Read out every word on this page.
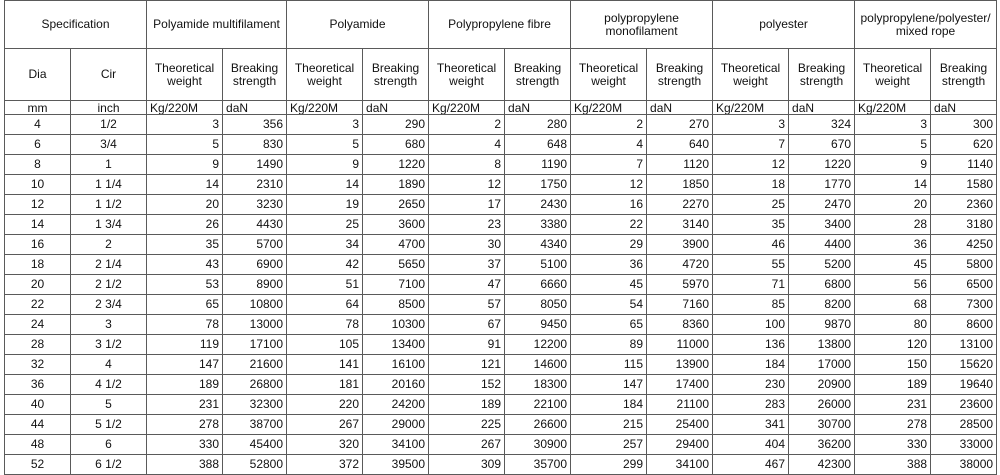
Specification		Polyamide multifilament		Polyamide		Polypropylene fibre		polypropylene monofilament		polyester		polypropylene/polyester/ mixed rope	
Dia	Cir	Theoretical weight	Breaking strength	Theoretical weight	Breaking strength	Theoretical weight	Breaking strength	Theoretical weight	Breaking strength	Theoretical weight	Breaking strength	Theoretical weight	Breaking strength
mm	inch	Kg/220M	daN	Kg/220M	daN	Kg/220M	daN	Kg/220M	daN	Kg/220M	daN	Kg/220M	daN
4	1/2	3	356	3	290	2	280	2	270	3	324	3	300
6	3/4	5	830	5	680	4	648	4	640	7	670	5	620
8	1	9	1490	9	1220	8	1190	7	1120	12	1220	9	1140
10	1 1/4	14	2310	14	1890	12	1750	12	1850	18	1770	14	1580
12	1 1/2	20	3230	19	2650	17	2430	16	2270	25	2470	20	2360
14	1 3/4	26	4430	25	3600	23	3380	22	3140	35	3400	28	3180
16	2	35	5700	34	4700	30	4340	29	3900	46	4400	36	4250
18	2 1/4	43	6900	42	5650	37	5100	36	4720	55	5200	45	5800
20	2 1/2	53	8900	51	7100	47	6660	45	5970	71	6800	56	6500
22	2 3/4	65	10800	64	8500	57	8050	54	7160	85	8200	68	7300
24	3	78	13000	78	10300	67	9450	65	8360	100	9870	80	8600
28	3 1/2	119	17100	105	13400	91	12200	89	11000	136	13800	120	13100
32	4	147	21600	141	16100	121	14600	115	13900	184	17000	150	15620
36	4 1/2	189	26800	181	20160	152	18300	147	17400	230	20900	189	19640
40	5	231	32300	220	24200	189	22100	184	21100	283	26000	231	23600
44	5 1/2	278	38700	267	29000	225	26600	215	25400	341	30700	278	28500
48	6	330	45400	320	34100	267	30900	257	29400	404	36200	330	33000
52	6 1/2	388	52800	372	39500	309	35700	299	34100	467	42300	388	38000
